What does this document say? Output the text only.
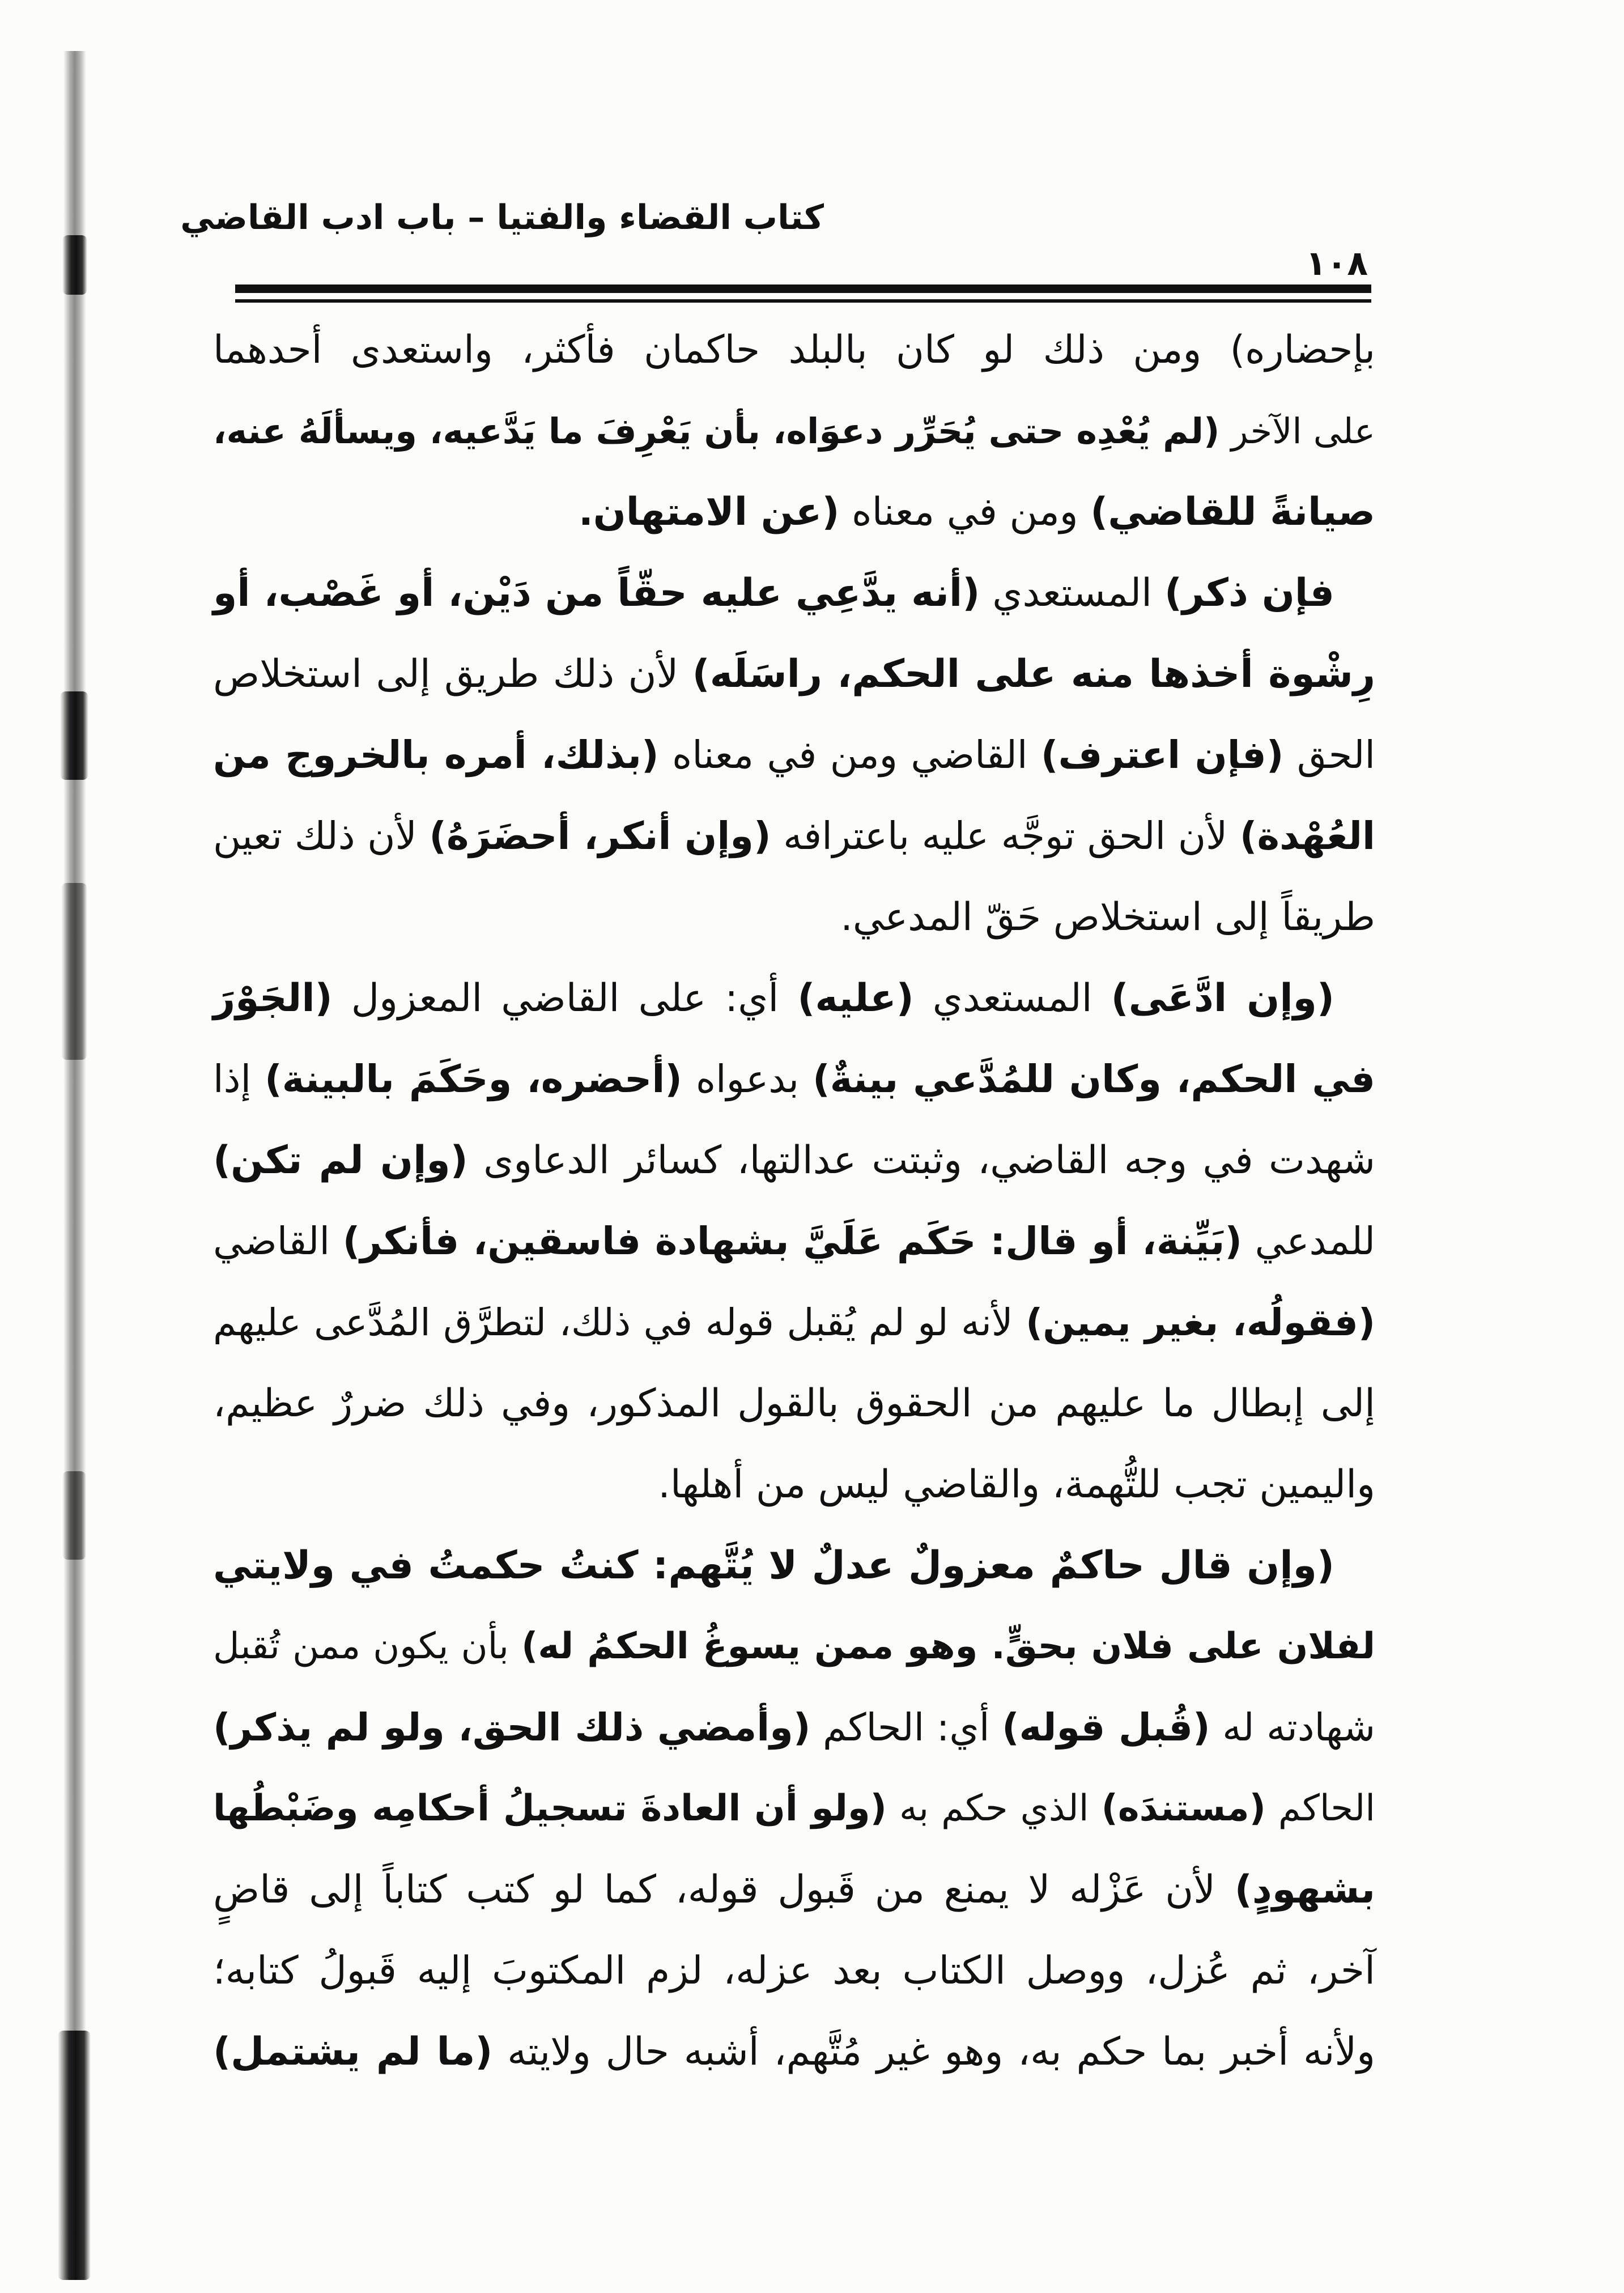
كتاب القضاء والفتيا – باب ادب القاضي
١٠٨
بإحضاره) ومن ذلك لو كان بالبلد حاكمان فأكثر، واستعدى أحدهما
على الآخر (لم يُعْدِه حتى يُحَرِّر دعوَاه، بأن يَعْرِفَ ما يَدَّعيه، ويسألَهُ عنه،
صيانةً للقاضي) ومن في معناه (عن الامتهان.
فإن ذكر) المستعدي (أنه يدَّعِي عليه حقّاً من دَيْن، أو غَصْب، أو
رِشْوة أخذها منه على الحكم، راسَلَه) لأن ذلك طريق إلى استخلاص
الحق (فإن اعترف) القاضي ومن في معناه (بذلك، أمره بالخروج من
العُهْدة) لأن الحق توجَّه عليه باعترافه (وإن أنكر، أحضَرَهُ) لأن ذلك تعين
طريقاً إلى استخلاص حَقّ المدعي.
(وإن ادَّعَى) المستعدي (عليه) أي: على القاضي المعزول (الجَوْرَ
في الحكم، وكان للمُدَّعي بينةٌ) بدعواه (أحضره، وحَكَمَ بالبينة) إذا
شهدت في وجه القاضي، وثبتت عدالتها، كسائر الدعاوى (وإن لم تكن)
للمدعي (بَيِّنة، أو قال: حَكَم عَلَيَّ بشهادة فاسقين، فأنكر) القاضي
(فقولُه، بغير يمين) لأنه لو لم يُقبل قوله في ذلك، لتطرَّق المُدَّعى عليهم
إلى إبطال ما عليهم من الحقوق بالقول المذكور، وفي ذلك ضررٌ عظيم،
واليمين تجب للتُّهمة، والقاضي ليس من أهلها.
(وإن قال حاكمٌ معزولٌ عدلٌ لا يُتَّهم: كنتُ حكمتُ في ولايتي
لفلان على فلان بحقٍّ. وهو ممن يسوغُ الحكمُ له) بأن يكون ممن تُقبل
شهادته له (قُبل قوله) أي: الحاكم (وأمضي ذلك الحق، ولو لم يذكر)
الحاكم (مستندَه) الذي حكم به (ولو أن العادةَ تسجيلُ أحكامِه وضَبْطُها
بشهودٍ) لأن عَزْله لا يمنع من قَبول قوله، كما لو كتب كتاباً إلى قاضٍ
آخر، ثم عُزل، ووصل الكتاب بعد عزله، لزم المكتوبَ إليه قَبولُ كتابه؛
ولأنه أخبر بما حكم به، وهو غير مُتَّهم، أشبه حال ولايته (ما لم يشتمل)
